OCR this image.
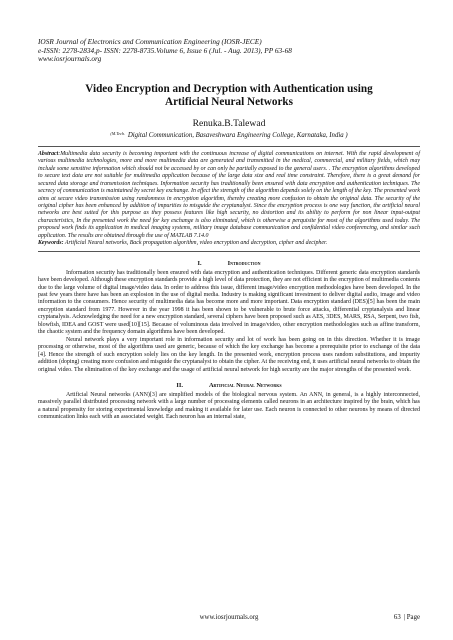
IOSR Journal of Electronics and Communication Engineering (IOSR-JECE)
e-ISSN: 2278-2834,p- ISSN: 2278-8735.Volume 6, Issue 6 (Jul. - Aug. 2013), PP 63-68
www.iosrjournals.org
Video Encryption and Decryption with Authentication using
Artificial Neural Networks
Renuka.B.Talewad
$^{(M.Tech.}$ Digital Communication, Basaveshwara Engineering College, Karnataka, India )

Abstract:Multimedia data security is becoming important with the continuous increase of digital communications on internet. With the rapid development of various multimedia technologies, more and more multimedia data are generated and transmitted in the medical, commercial, and military fields, which may include some sensitive information which should not be accessed by or can only be partially exposed to the general users. . The encryption algorithms developed to secure text data are not suitable for multimedia application because of the large data size and real time constraint. Therefore, there is a great demand for secured data storage and transmission techniques. Information security has traditionally been ensured with data encryption and authentication techniques. The secrecy of communication is maintained by secret key exchange. In effect the strength of the algorithm depends solely on the length of the key. The presented work aims at secure video transmission using randomness in encryption algorithm, thereby creating more confusion to obtain the original data. The security of the original cipher has been enhanced by addition of impurities to misguide the cryptanalyst. Since the encryption process is one way function, the artificial neural networks are best suited for this purpose as they possess features like high security, no distortion and its ability to perform for non linear input-output characteristics, In the presented work the need for key exchange is also eliminated, which is otherwise a perquisite for most of the algorithms used today. The proposed work finds its application in medical imaging systems, military image database communication and confidential video conferencing, and similar such application. The results are obtained through the use of MATLAB 7.14.0

Keywords: Artificial Neural networks, Back propagation algorithm, video encryption and decryption, cipher and decipher.

I.	Introduction

Information security has traditionally been ensured with data encryption and authentication techniques. Different generic data encryption standards have been developed. Although these encryption standards provide a high level of data protection, they are not efficient in the encryption of multimedia contents due to the large volume of digital image/video data. In order to address this issue, different image/video encryption methodologies have been developed. In the past few years there have has been an explosion in the use of digital media. Industry is making significant investment to deliver digital audio, image and video information to the consumers. Hence security of multimedia data has become more and more important. Data encryption standard (DES)[5] has been the main encryption standard from 1977. However in the year 1998 it has been shown to be vulnerable to brute force attacks, differential cryptanalysis and linear cryptanalysis. Acknowledging the need for a new encryption standard, several ciphers have been proposed such as AES, 3DES, MARS, RSA, Serpent, two fish, blowfish, IDEA and GOST were used[10][15]. Because of voluminous data involved in image/video, other encryption methodologies such as affine transform, the chaotic system and the frequency domain algorithms have been developed.

Neural network plays a very important role in information security and lot of work has been going on in this direction. Whether it is image processing or otherwise, most of the algorithms used are generic, because of which the key exchange has become a prerequisite prior to exchange of the data [4]. Hence the strength of such encryption solely lies on the key length. In the presented work, encryption process uses random substitutions, and impurity addition (doping) creating more confusion and misguide the cryptanalyst to obtain the cipher. At the receiving end, it uses artificial neural networks to obtain the original video. The elimination of the key exchange and the usage of artificial neural network for high security are the major strengths of the presented work.

II.	Artificial Neural Networks

Artificial Neural networks (ANN)[3] are simplified models of the biological nervous system. An ANN, in general, is a highly interconnected, massively parallel distributed processing network with a large number of processing elements called neurons in an architecture inspired by the brain, which has a natural propensity for storing experimental knowledge and making it available for later use. Each neuron is connected to other neurons by means of directed communication links each with an associated weight. Each neuron has an internal state,

www.iosrjournals.org	63 | Page
